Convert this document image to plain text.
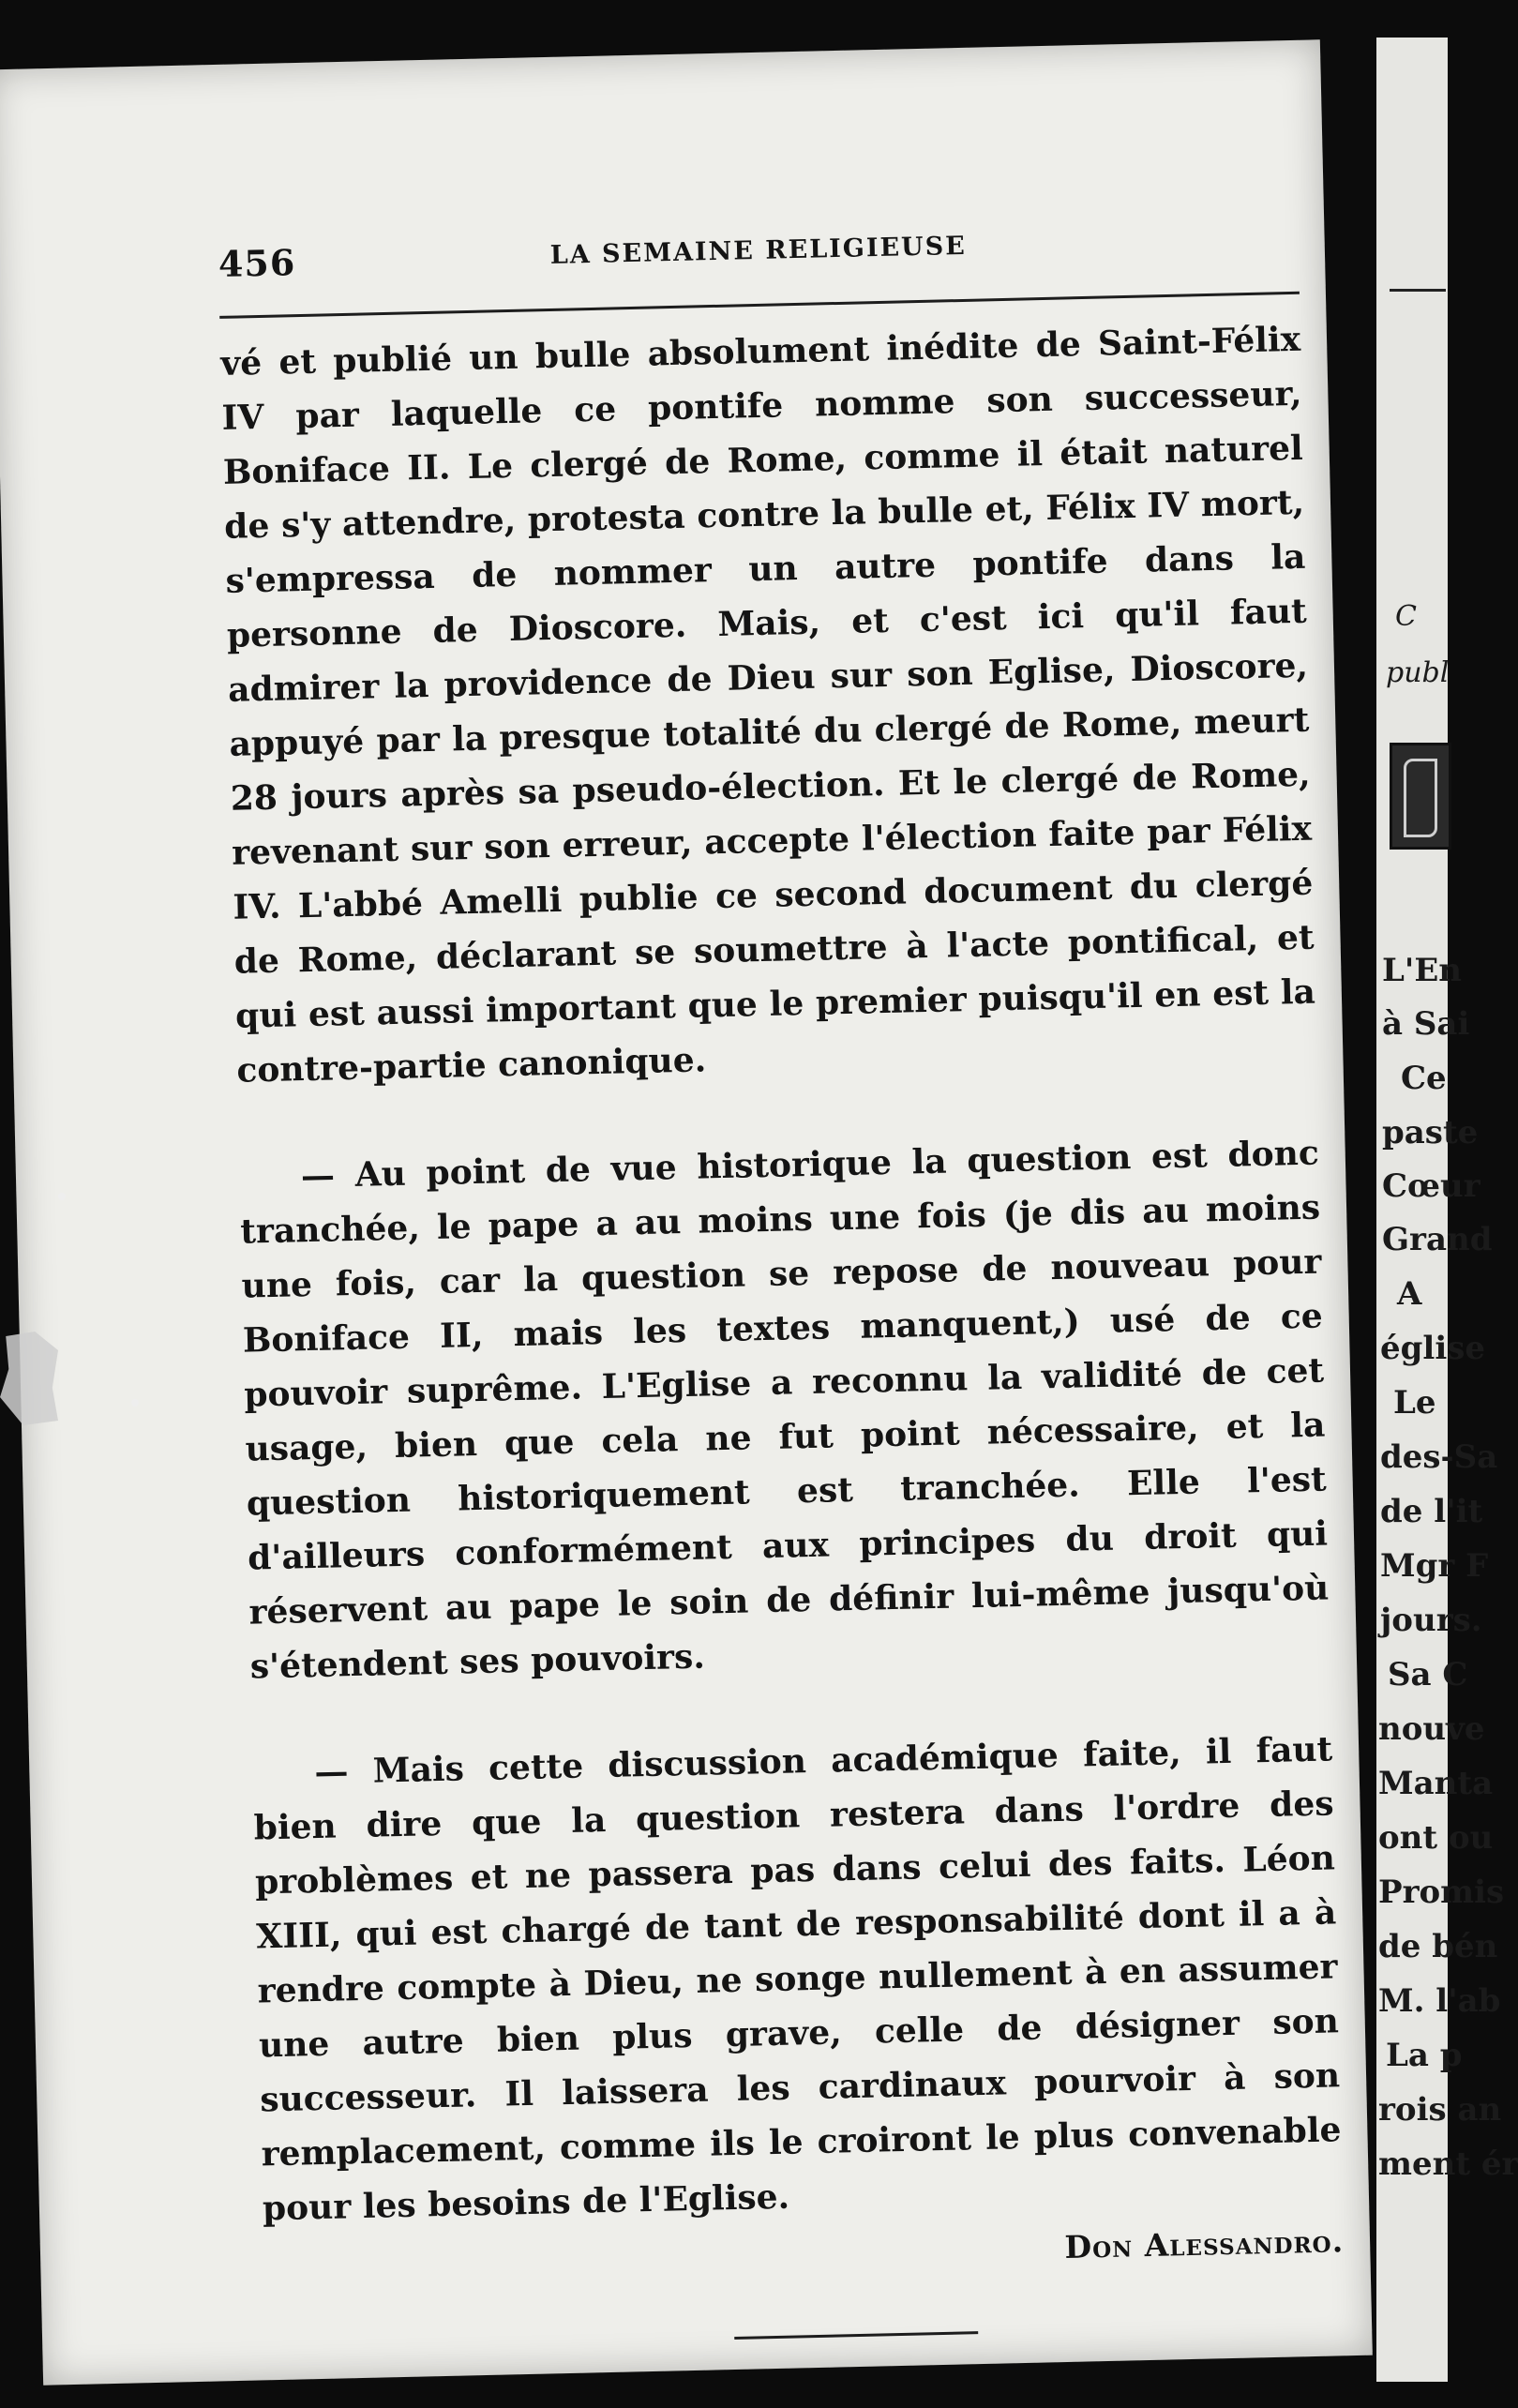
456	LA SEMAINE RELIGIEUSE

vé et publié un bulle absolument inédite de Saint-Félix IV par laquelle ce pontife nomme son successeur, Boniface II. Le clergé de Rome, comme il était naturel de s'y attendre, protesta contre la bulle et, Félix IV mort, s'empressa de nommer un autre pontife dans la personne de Dioscore. Mais, et c'est ici qu'il faut admirer la providence de Dieu sur son Eglise, Dioscore, appuyé par la presque totalité du clergé de Rome, meurt 28 jours après sa pseudo-élection. Et le clergé de Rome, revenant sur son erreur, accepte l'élection faite par Félix IV. L'abbé Amelli publie ce second document du clergé de Rome, déclarant se soumettre à l'acte pontifical, et qui est aussi important que le premier puisqu'il en est la contre-partie canonique.

— Au point de vue historique la question est donc tranchée, le pape a au moins une fois (je dis au moins une fois, car la question se repose de nouveau pour Boniface II, mais les textes manquent,) usé de ce pouvoir suprême. L'Eglise a reconnu la validité de cet usage, bien que cela ne fut point nécessaire, et la question historiquement est tranchée. Elle l'est d'ailleurs conformément aux principes du droit qui réservent au pape le soin de définir lui-même jusqu'où s'étendent ses pouvoirs.

— Mais cette discussion académique faite, il faut bien dire que la question restera dans l'ordre des problèmes et ne passera pas dans celui des faits. Léon XIII, qui est chargé de tant de responsabilité dont il a à rendre compte à Dieu, ne songe nullement à en assumer une autre bien plus grave, celle de désigner son successeur. Il laissera les cardinaux pourvoir à son remplacement, comme ils le croiront le plus convenable pour les besoins de l'Eglise.

Don Alessandro.
C
publ
L'En
à Sai
Ce
paste
Cœur
Grand
A
église
Le
des-Sa
de l'it
Mgr F
jours.
Sa C
nouve
Manta
ont ou
Promis
de bén
M. l'ab
La p
rois an
ment ér
